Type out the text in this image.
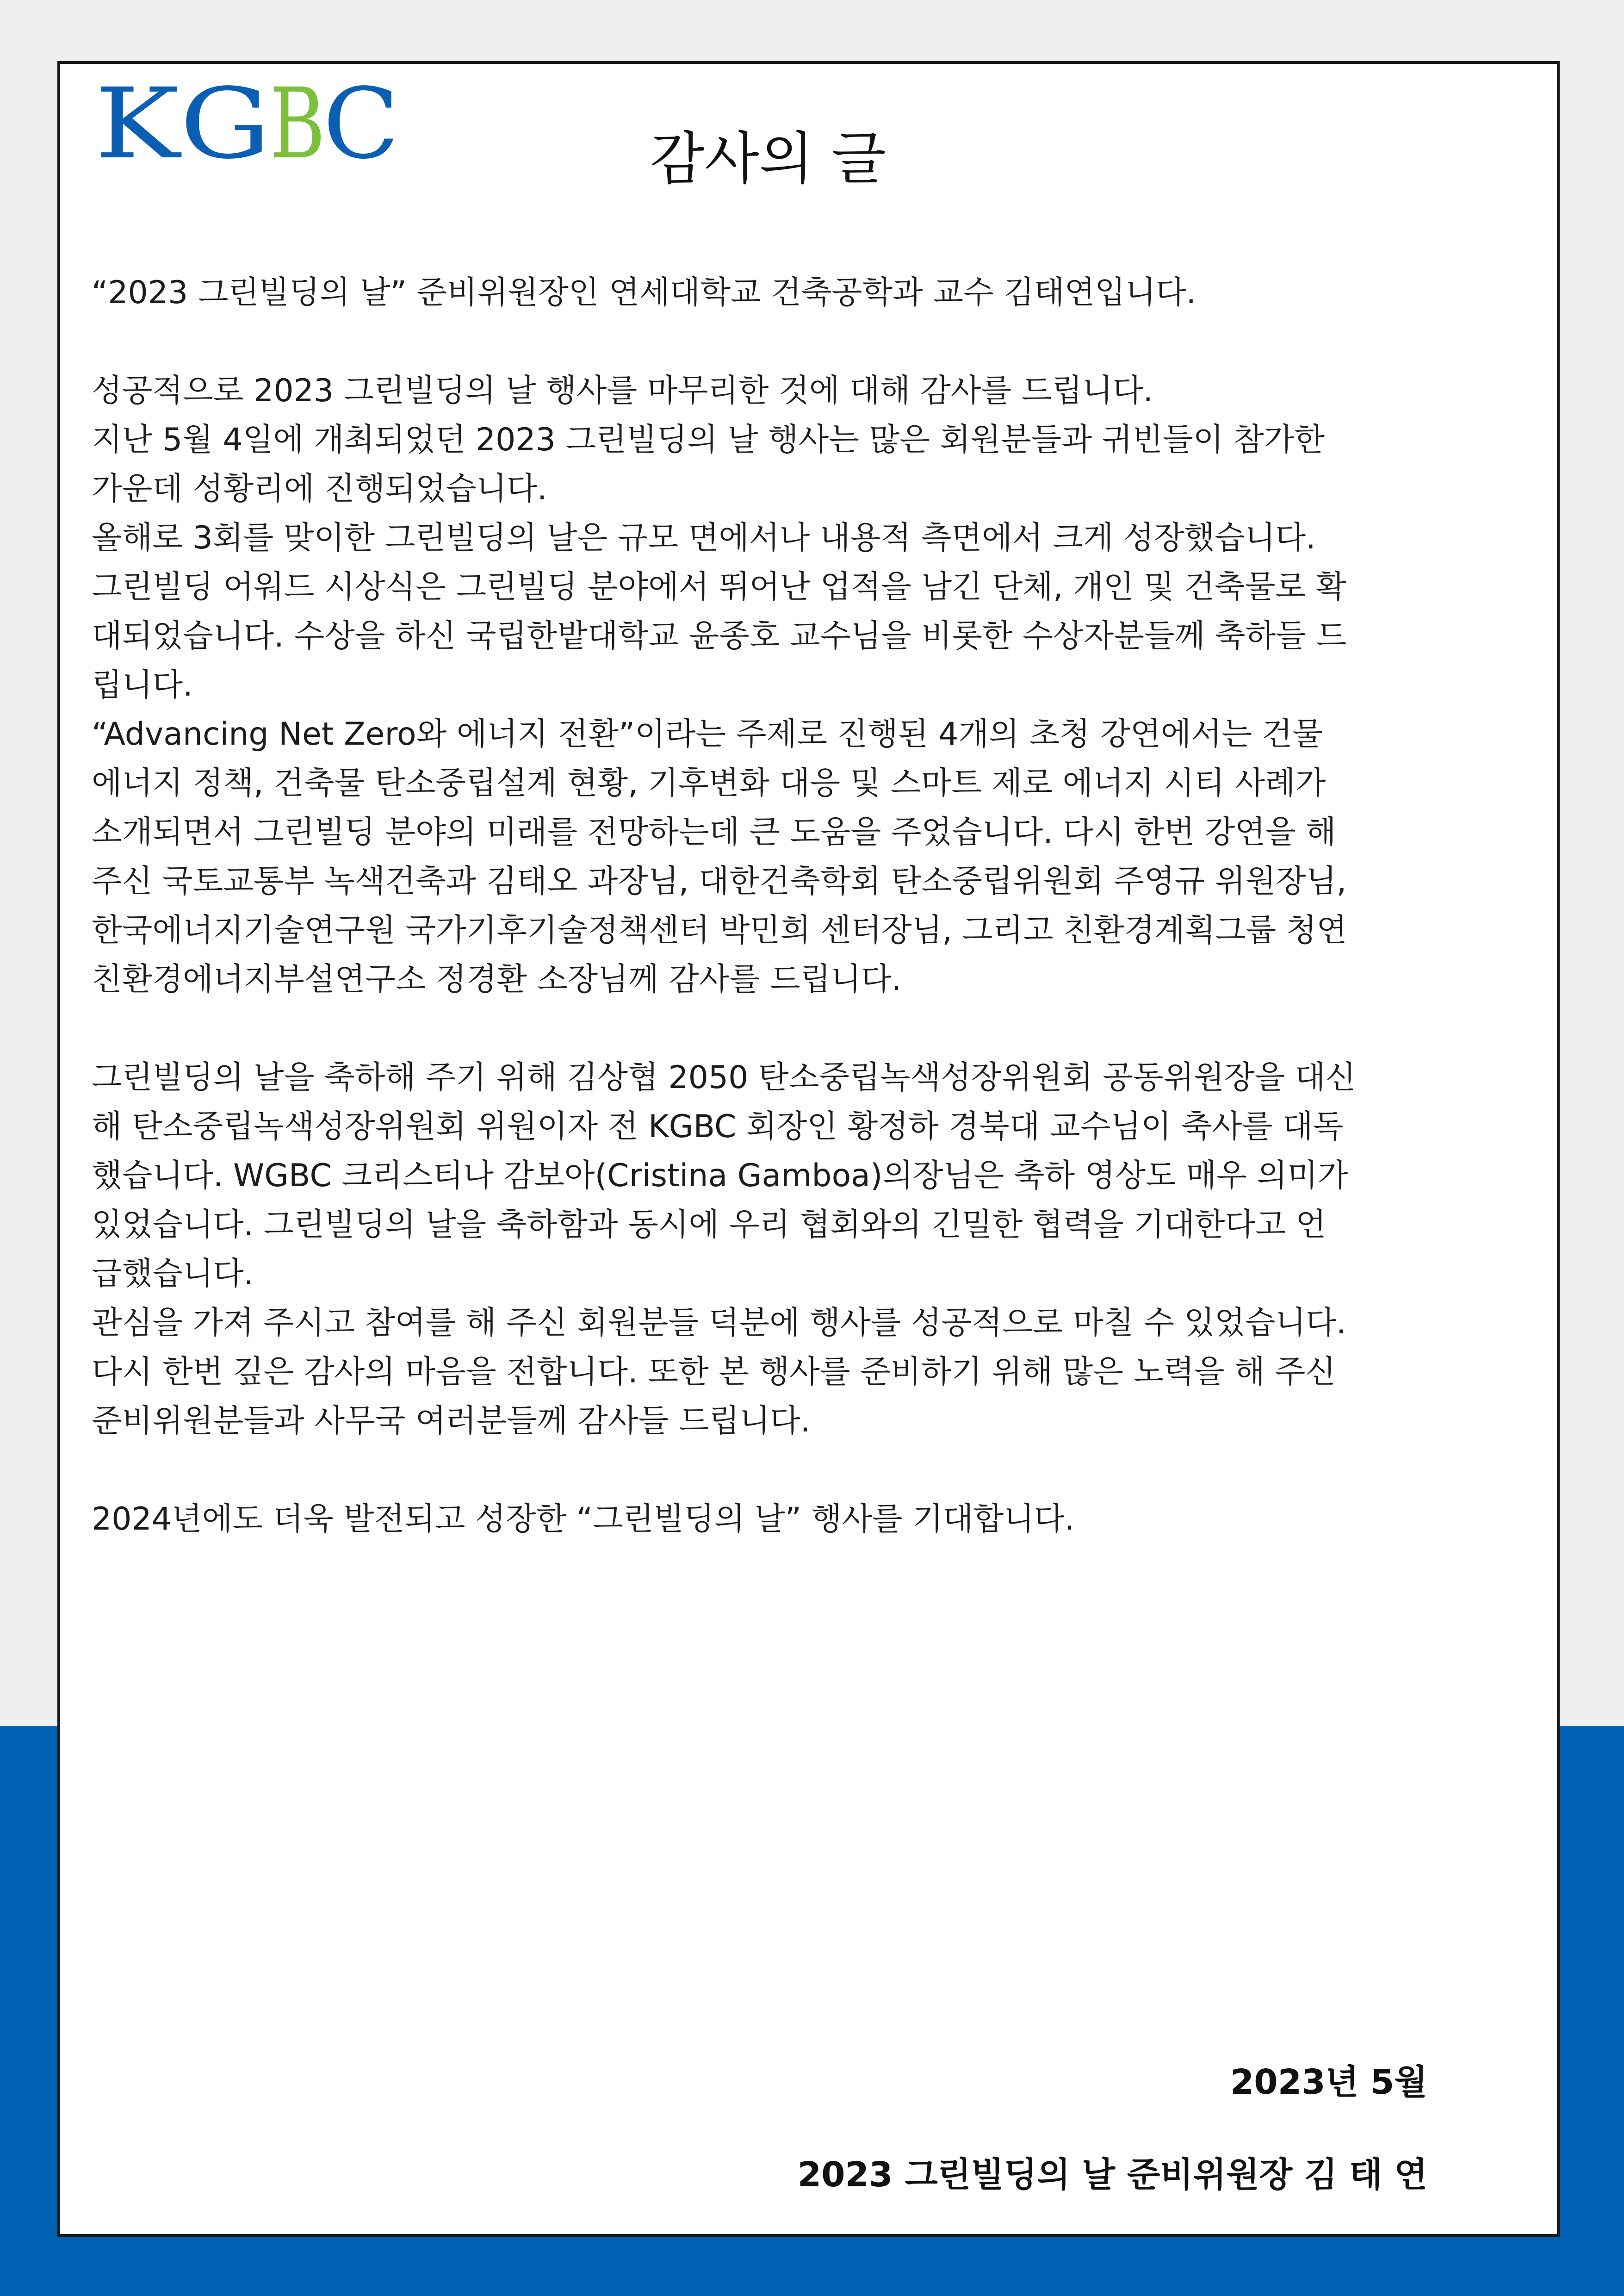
KG
B
C	감사의 글

“2023 그린빌딩의 날” 준비위원장인 연세대학교 건축공학과 교수 김태연입니다.

성공적으로 2023 그린빌딩의 날 행사를 마무리한 것에 대해 감사를 드립니다.

지난 5월 4일에 개최되었던 2023 그린빌딩의 날 행사는 많은 회원분들과 귀빈들이 참가한

가운데 성황리에 진행되었습니다.

올해로 3회를 맞이한 그린빌딩의 날은 규모 면에서나 내용적 측면에서 크게 성장했습니다.

그린빌딩 어워드 시상식은 그린빌딩 분야에서 뛰어난 업적을 남긴 단체, 개인 및 건축물로 확

대되었습니다. 수상을 하신 국립한밭대학교 윤종호 교수님을 비롯한 수상자분들께 축하들 드

립니다.

“Advancing Net Zero와 에너지 전환”이라는 주제로 진행된 4개의 초청 강연에서는 건물

에너지 정책, 건축물 탄소중립설계 현황, 기후변화 대응 및 스마트 제로 에너지 시티 사례가

소개되면서 그린빌딩 분야의 미래를 전망하는데 큰 도움을 주었습니다. 다시 한번 강연을 해

주신 국토교통부 녹색건축과 김태오 과장님, 대한건축학회 탄소중립위원회 주영규 위원장님,

한국에너지기술연구원 국가기후기술정책센터 박민희 센터장님, 그리고 친환경계획그룹 청연

친환경에너지부설연구소 정경환 소장님께 감사를 드립니다.

그린빌딩의 날을 축하해 주기 위해 김상협 2050 탄소중립녹색성장위원회 공동위원장을 대신

해 탄소중립녹색성장위원회 위원이자 전 KGBC 회장인 황정하 경북대 교수님이 축사를 대독

했습니다. WGBC 크리스티나 감보아(Cristina Gamboa)의장님은 축하 영상도 매우 의미가

있었습니다. 그린빌딩의 날을 축하함과 동시에 우리 협회와의 긴밀한 협력을 기대한다고 언

급했습니다.

관심을 가져 주시고 참여를 해 주신 회원분들 덕분에 행사를 성공적으로 마칠 수 있었습니다.

다시 한번 깊은 감사의 마음을 전합니다. 또한 본 행사를 준비하기 위해 많은 노력을 해 주신

준비위원분들과 사무국 여러분들께 감사들 드립니다.

2024년에도 더욱 발전되고 성장한 “그린빌딩의 날” 행사를 기대합니다.

2023년 5월
2023 그린빌딩의 날 준비위원장 김 태 연
